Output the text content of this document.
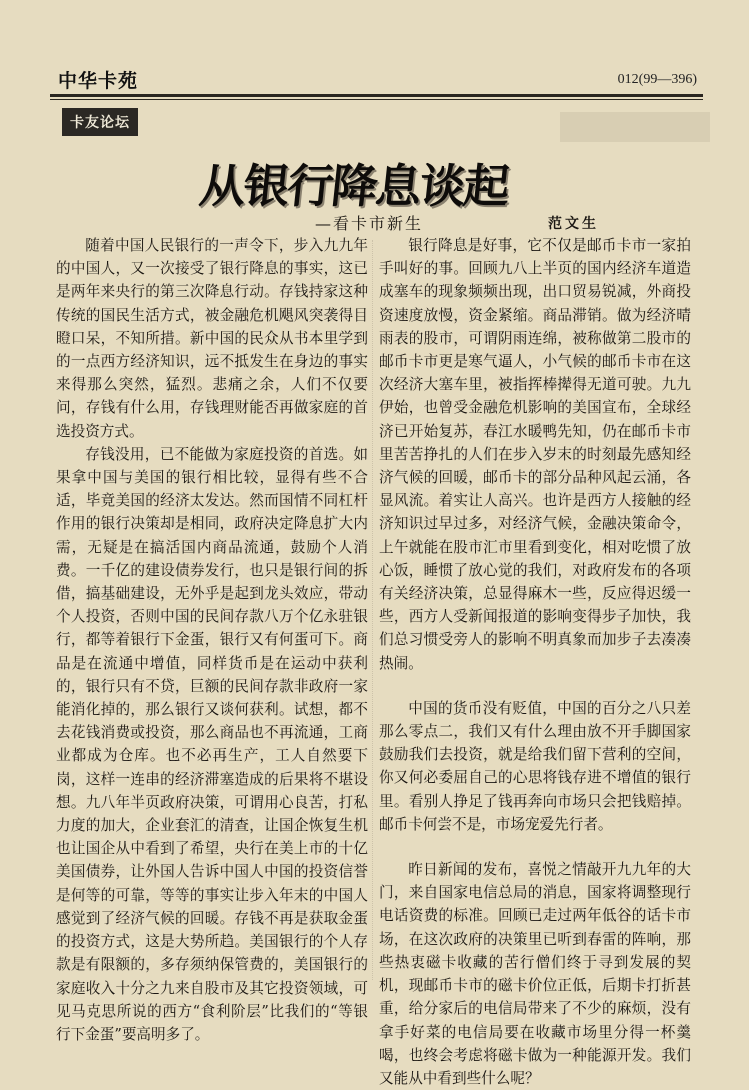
中华卡苑	012(99—396)
卡友论坛
从银行降息谈起
—看卡市新生	范文生

随着中国人民银行的一声令下，步入九九年的中国人，又一次接受了银行降息的事实，这已是两年来央行的第三次降息行动。存钱持家这种传统的国民生活方式，被金融危机飓风突袭得目瞪口呆，不知所措。新中国的民众从书本里学到的一点西方经济知识，远不抵发生在身边的事实来得那么突然，猛烈。悲痛之余，人们不仅要问，存钱有什么用，存钱理财能否再做家庭的首选投资方式。

存钱没用，已不能做为家庭投资的首选。如果拿中国与美国的银行相比较，显得有些不合适，毕竟美国的经济太发达。然而国情不同杠杆作用的银行决策却是相同，政府决定降息扩大内需，无疑是在搞活国内商品流通，鼓励个人消费。一千亿的建设债券发行，也只是银行间的拆借，搞基础建设，无外乎是起到龙头效应，带动个人投资，否则中国的民间存款八万个亿永驻银行，都等着银行下金蛋，银行又有何蛋可下。商品是在流通中增值，同样货币是在运动中获利的，银行只有不贷，巨额的民间存款非政府一家能消化掉的，那么银行又谈何获利。试想，都不去花钱消费或投资，那么商品也不再流通，工商业都成为仓库。也不必再生产，工人自然要下岗，这样一连串的经济滞塞造成的后果将不堪设想。九八年半页政府决策，可谓用心良苦，打私力度的加大，企业套汇的清查，让国企恢复生机也让国企从中看到了希望，央行在美上市的十亿美国债券，让外国人告诉中国人中国的投资信誉是何等的可靠，等等的事实让步入年末的中国人感觉到了经济气候的回暖。存钱不再是获取金蛋的投资方式，这是大势所趋。美国银行的个人存款是有限额的，多存须纳保管费的，美国银行的家庭收入十分之九来自股市及其它投资领域，可见马克思所说的西方“食利阶层”比我们的“等银行下金蛋”要高明多了。

银行降息是好事，它不仅是邮币卡市一家拍手叫好的事。回顾九八上半页的国内经济车道造成塞车的现象频频出现，出口贸易锐减，外商投资速度放慢，资金紧缩。商品滞销。做为经济晴雨表的股市，可谓阴雨连绵，被称做第二股市的邮币卡市更是寒气逼人，小气候的邮币卡市在这次经济大塞车里，被指挥棒撵得无道可驶。九九伊始，也曾受金融危机影响的美国宣布，全球经济已开始复苏，春江水暖鸭先知，仍在邮币卡市里苦苦挣扎的人们在步入岁末的时刻最先感知经济气候的回暖，邮币卡的部分品种风起云涌，各显风流。着实让人高兴。也许是西方人接触的经济知识过早过多，对经济气候，金融决策命令，上午就能在股市汇市里看到变化，相对吃惯了放心饭，睡惯了放心觉的我们，对政府发布的各项有关经济决策，总显得麻木一些，反应得迟缓一些，西方人受新闻报道的影响变得步子加快，我们总习惯受旁人的影响不明真象而加步子去凑凑热闹。

中国的货币没有贬值，中国的百分之八只差那么零点二，我们又有什么理由放不开手脚国家鼓励我们去投资，就是给我们留下营利的空间，你又何必委屈自己的心思将钱存进不增值的银行里。看别人挣足了钱再奔向市场只会把钱赔掉。邮币卡何尝不是，市场宠爱先行者。

昨日新闻的发布，喜悦之情敲开九九年的大门，来自国家电信总局的消息，国家将调整现行电话资费的标准。回顾已走过两年低谷的话卡市场，在这次政府的决策里已听到春雷的阵响，那些热衷磁卡收藏的苦行僧们终于寻到发展的契机，现邮币卡市的磁卡价位正低，后期卡打折甚重，给分家后的电信局带来了不少的麻烦，没有拿手好菜的电信局要在收藏市场里分得一杯羹喝，也终会考虑将磁卡做为一种能源开发。我们又能从中看到些什么呢？
